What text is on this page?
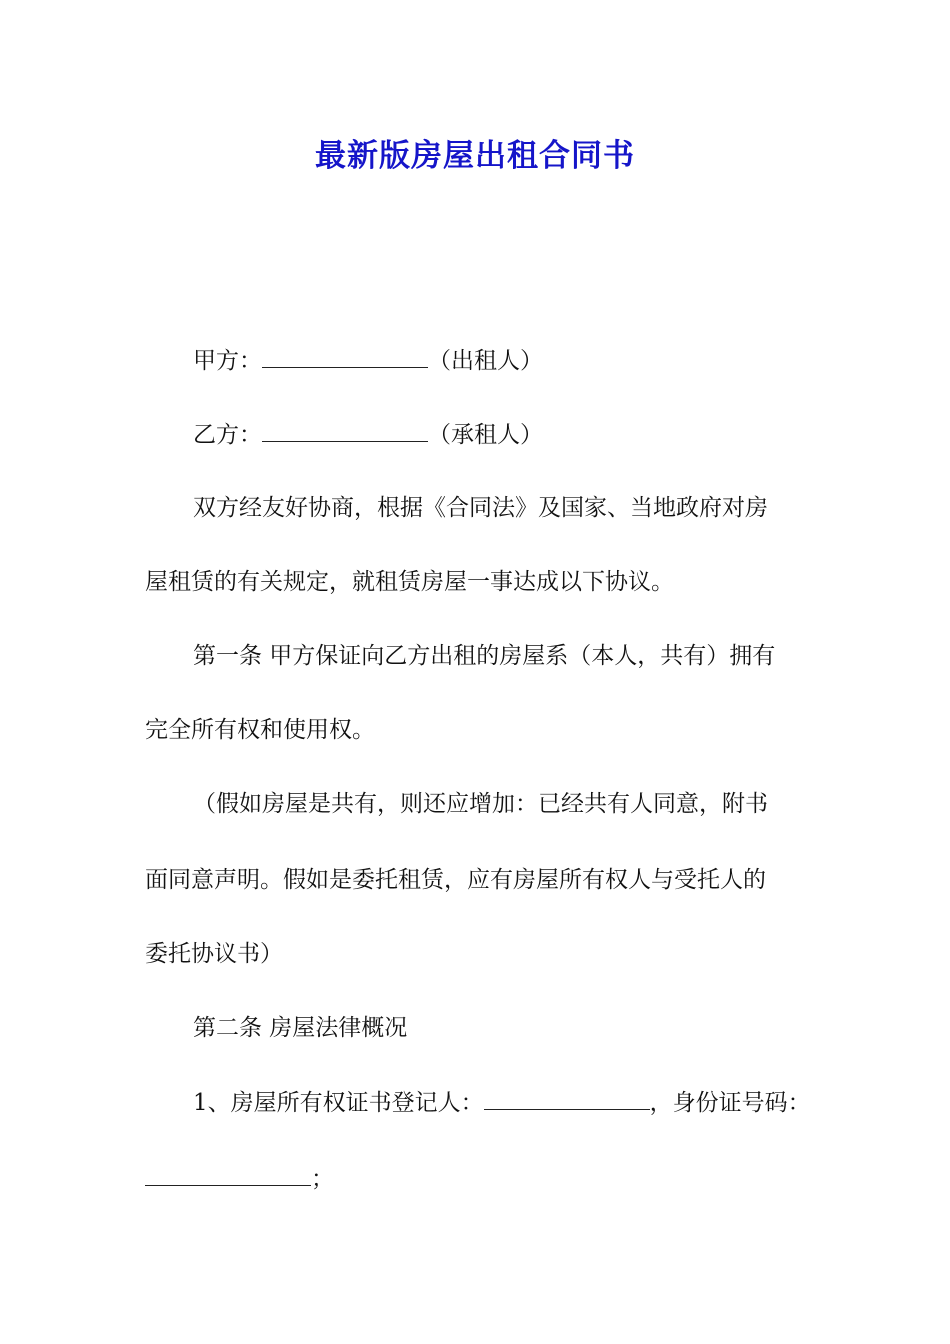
最新版房屋出租合同书
甲方：	（出租人）
乙方：	（承租人）
双方经友好协商，根据《合同法》及国家、当地政府对房
屋租赁的有关规定，就租赁房屋一事达成以下协议。
第一条 甲方保证向乙方出租的房屋系（本人，共有）拥有
完全所有权和使用权。
（假如房屋是共有，则还应增加：已经共有人同意，附书
面同意声明。假如是委托租赁，应有房屋所有权人与受托人的
委托协议书）
第二条 房屋法律概况
1、房屋所有权证书登记人：	，身份证号码：
；
